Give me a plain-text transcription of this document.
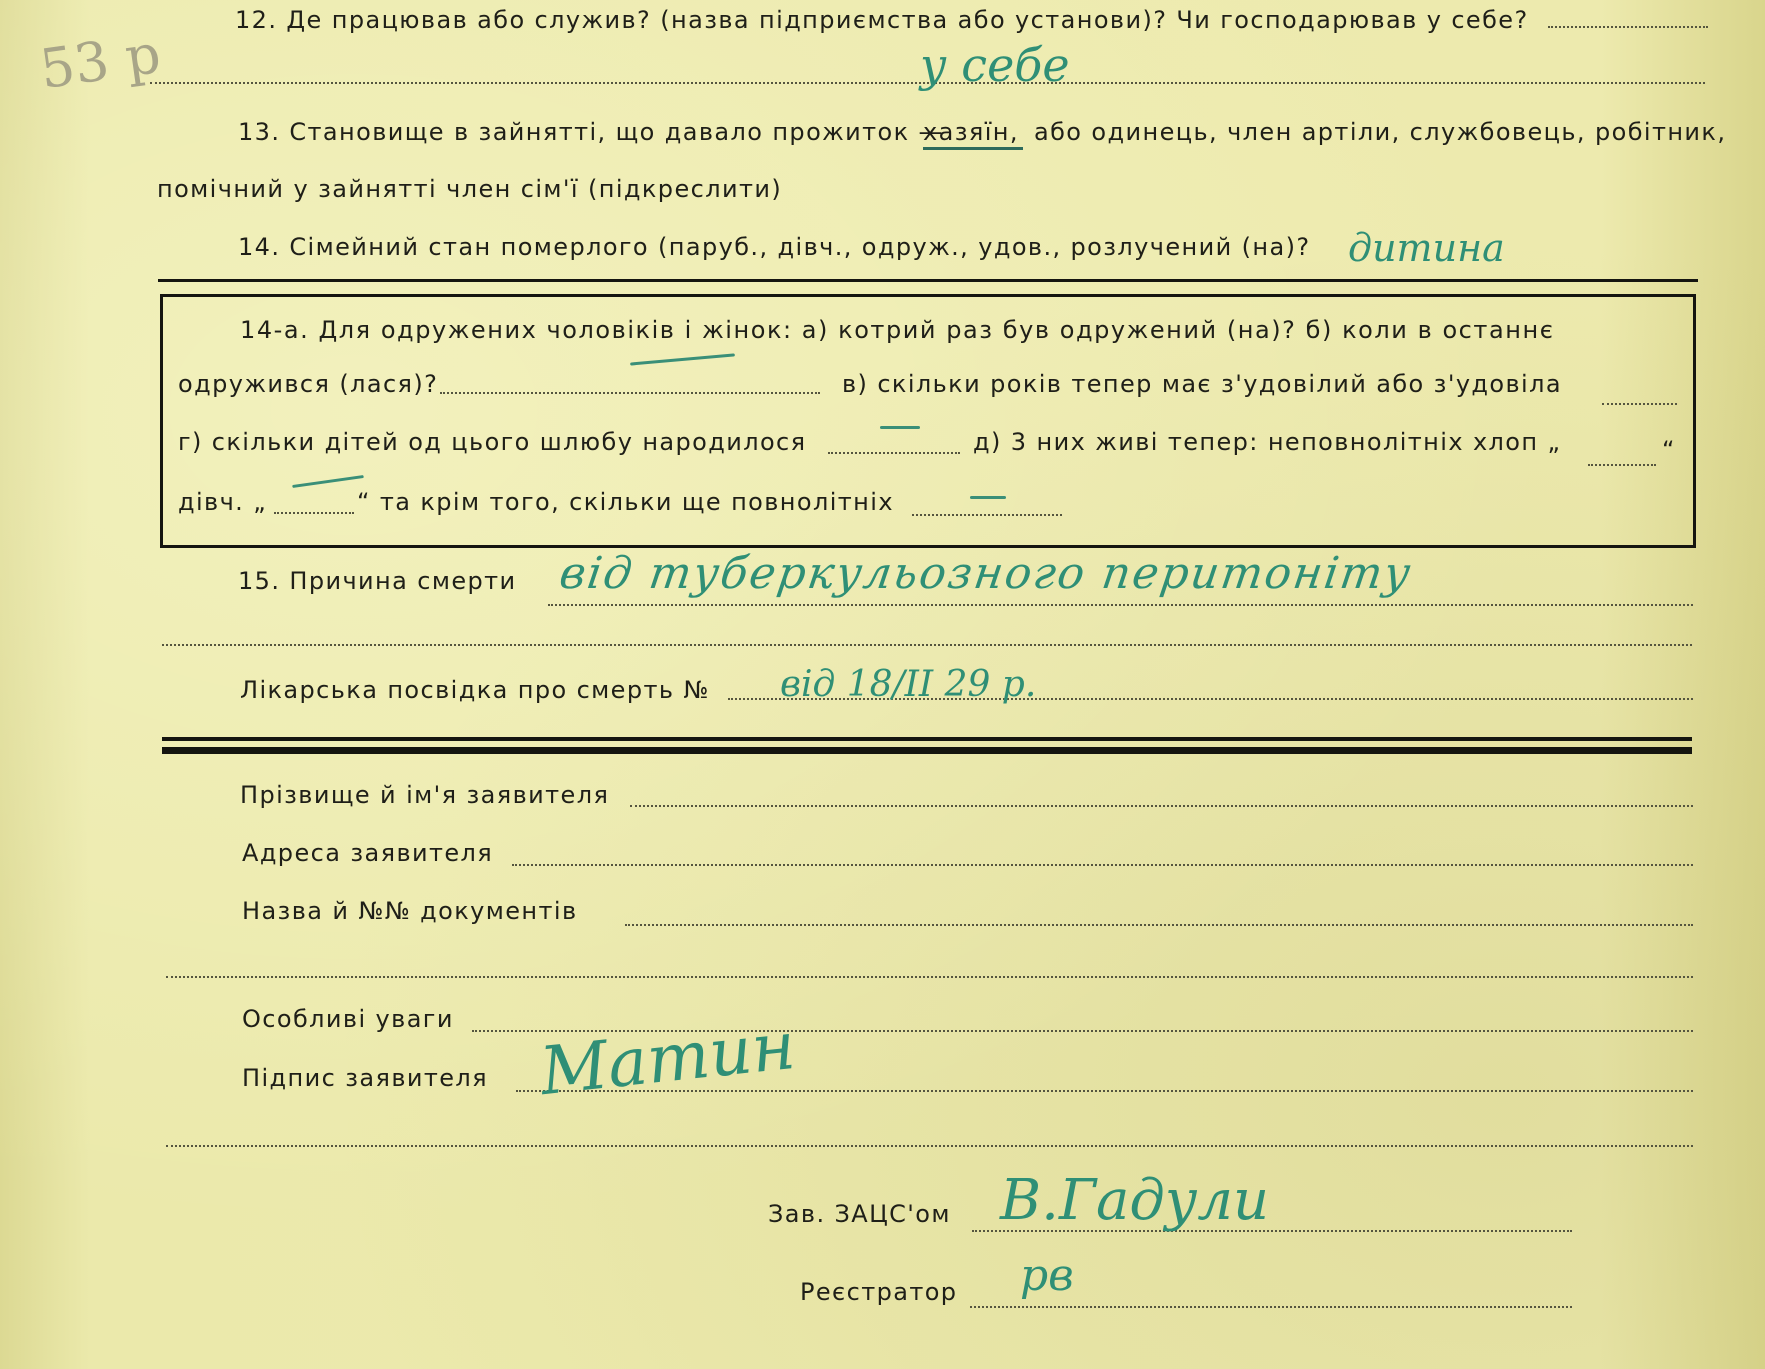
53 р
12. Де працював або служив? (назва підприємства або установи)? Чи господарював у себе?
у себе
13. Становище в зайнятті, що давало прожиток —
хазяїн, або одинець, член артіли, службовець, робітник,
помічний у зайнятті член сім'ї (підкреслити)
14. Сімейний стан померлого (паруб., дівч., одруж., удов., розлучений (на)? дитина
14-а. Для одружених чоловіків і жінок: а) котрий раз був одружений (на)? б) коли в останнє
одружився (лася)?	в) скільки років тепер має з'удовілий або з'удовіла
г) скільки дітей од цього шлюбу народилося	д) 3 них живі тепер: неповнолітніх хлоп „	“
дівч. „	“ та крім того, скільки ще повнолітніх
15. Причина смерти від туберкульозного перитоніту
Лікарська посвідка про смерть № від 18/ІІ 29 р.
Прізвище й ім'я заявителя
Адреса заявителя
Назва й №№ документів
Особливі уваги
Підпис заявителя Матин
Зав. ЗАЦС'ом В.Гадули
Реєстратор рв
